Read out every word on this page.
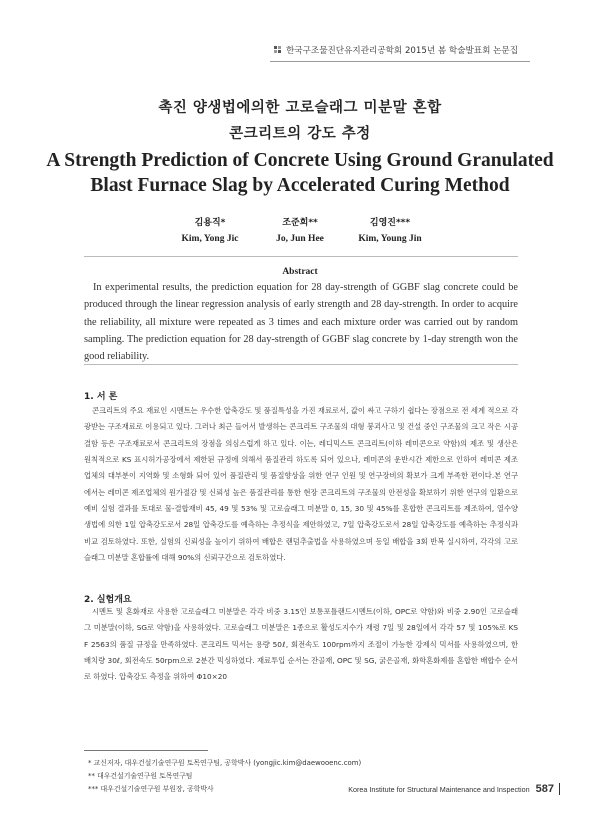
한국구조물진단유지관리공학회 2015년 봄 학술발표회 논문집
촉진 양생법에의한 고로슬래그 미분말 혼합
콘크리트의 강도 추정
A Strength Prediction of Concrete Using Ground Granulated
Blast Furnace Slag by Accelerated Curing Method
김용직*
Kim, Yong Jic
조준희**
Jo, Jun Hee
김영진***
Kim, Young Jin
Abstract

In experimental results, the prediction equation for 28 day-strength of GGBF slag concrete could be produced through the linear regression analysis of early strength and 28 day-strength. In order to acquire the reliability, all mixture were repeated as 3 times and each mixture order was carried out by random sampling. The prediction equation for 28 day-strength of GGBF slag concrete by 1-day strength won the good reliability.

1. 서 론

콘크리트의 주요 재료인 시멘트는 우수한 압축강도 및 품질특성을 가진 재료로서, 값이 싸고 구하기 쉽다는 장점으로 전 세계 적으로 각광받는 구조재료로 이용되고 있다. 그러나 최근 들어서 발생하는 콘크리트 구조물의 대형 붕괴사고 및 건설 중인 구조물의 크고 작은 시공 결함 등은 구조재료로서 콘크리트의 장점을 의심스럽게 하고 있다. 이는, 레디믹스트 콘크리트(이하 레미콘으로 약함)의 제조 및 생산은 원칙적으로 KS 표시허가공장에서 제한된 규정에 의해서 품질관리 하도록 되어 있으나, 레미콘의 운반시간 제한으로 인하여 레미콘 제조업체의 대부분이 지역화 및 소형화 되어 있어 품질관리 및 품질향상을 위한 연구 인원 및 연구장비의 확보가 크게 부족한 편이다.본 연구에서는 레미콘 제조업체의 원가절감 및 신뢰성 높은 품질관리를 통한 현장 콘크리트의 구조물의 안전성을 확보하기 위한 연구의 일환으로 예비 실험 결과를 토대로 물-결합재비 45, 49 및 53% 및 고로슬래그 미분말 0, 15, 30 및 45%를 혼합한 콘크리트를 제조하여, 열수양생법에 의한 1일 압축강도로서 28일 압축강도를 예측하는 추정식을 제안하였고, 7일 압축강도로서 28일 압축강도를 예측하는 추정식과 비교 검토하였다. 또한, 실험의 신뢰성을 높이기 위하여 배합은 랜덤추출법을 사용하였으며 동일 배합을 3회 반복 실시하여, 각각의 고로슬래그 미분말 혼합률에 대해 90%의 신뢰구간으로 검토하였다.

2. 실험개요

시멘트 및 혼화재로 사용한 고로슬래그 미분말은 각각 비중 3.15인 보통포틀랜드시멘트(이하, OPC로 약함)와 비중 2.90인 고로슬래그 미분말(이하, SG로 약함)을 사용하였다. 고로슬래그 미분말은 1종으로 활성도지수가 재령 7일 및 28일에서 각각 57 및 105%로 KS F 2563의 품질 규정을 만족하였다. 콘크리트 믹서는 용량 50ℓ, 회전속도 100rpm까지 조절이 가능한 강제식 믹서를 사용하였으며, 한 배치량 30ℓ, 회전속도 50rpm으로 2분간 믹싱하였다. 재료투입 순서는 잔골재, OPC 및 SG, 굵은골재, 화학혼화제를 혼합한 배합수 순서로 하였다. 압축강도 측정을 위하여 Φ10×20

* 교신저자, 대우건설기술연구원 토목연구팀, 공학박사 (yongjic.kim@daewooenc.com)
** 대우건설기술연구원 토목연구팀
*** 대우건설기술연구원 부원장, 공학박사	Korea Institute for Structural Maintenance and Inspection 587
